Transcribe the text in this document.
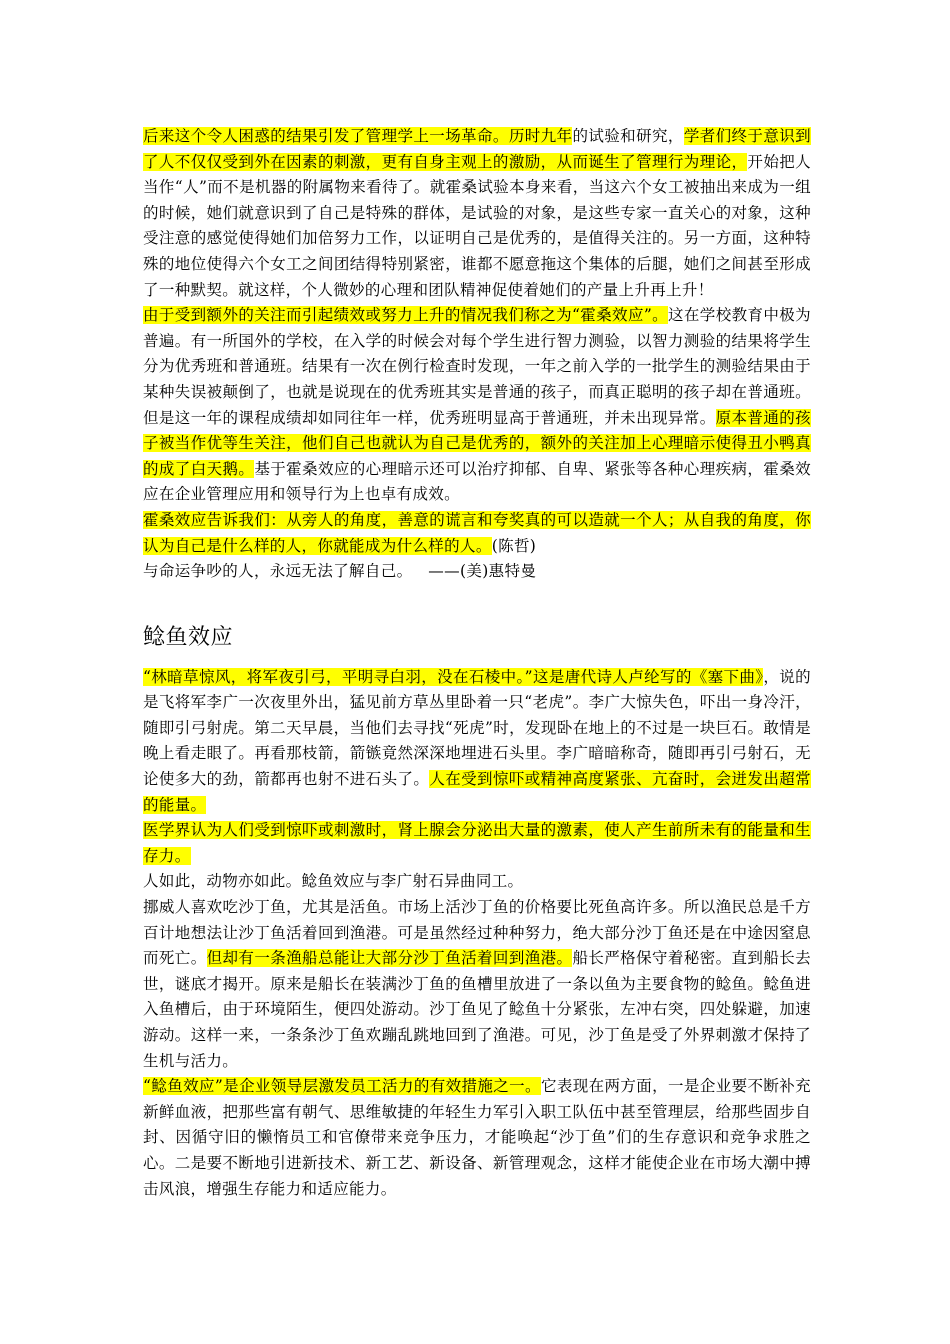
后来这个令人困惑的结果引发了管理学上一场革命。历时九年的试验和研究，学者们终于意识到了人不仅仅受到外在因素的刺激，更有自身主观上的激励，从而诞生了管理行为理论，开始把人当作“人”而不是机器的附属物来看待了。就霍桑试验本身来看，当这六个女工被抽出来成为一组的时候，她们就意识到了自己是特殊的群体，是试验的对象，是这些专家一直关心的对象，这种受注意的感觉使得她们加倍努力工作，以证明自己是优秀的，是值得关注的。另一方面，这种特殊的地位使得六个女工之间团结得特别紧密，谁都不愿意拖这个集体的后腿，她们之间甚至形成了一种默契。就这样，个人微妙的心理和团队精神促使着她们的产量上升再上升！

由于受到额外的关注而引起绩效或努力上升的情况我们称之为“霍桑效应”。这在学校教育中极为普遍。有一所国外的学校，在入学的时候会对每个学生进行智力测验，以智力测验的结果将学生分为优秀班和普通班。结果有一次在例行检查时发现，一年之前入学的一批学生的测验结果由于某种失误被颠倒了，也就是说现在的优秀班其实是普通的孩子，而真正聪明的孩子却在普通班。但是这一年的课程成绩却如同往年一样，优秀班明显高于普通班，并未出现异常。原本普通的孩子被当作优等生关注，他们自己也就认为自己是优秀的，额外的关注加上心理暗示使得丑小鸭真的成了白天鹅。基于霍桑效应的心理暗示还可以治疗抑郁、自卑、紧张等各种心理疾病，霍桑效应在企业管理应用和领导行为上也卓有成效。

霍桑效应告诉我们：从旁人的角度，善意的谎言和夸奖真的可以造就一个人；从自我的角度，你认为自己是什么样的人，你就能成为什么样的人。(陈哲)

与命运争吵的人，永远无法了解自己。   ——(美)惠特曼

鲶鱼效应

“林暗草惊风，将军夜引弓，平明寻白羽，没在石棱中。”这是唐代诗人卢纶写的《塞下曲》，说的是飞将军李广一次夜里外出，猛见前方草丛里卧着一只“老虎”。李广大惊失色，吓出一身冷汗，随即引弓射虎。第二天早晨，当他们去寻找“死虎”时，发现卧在地上的不过是一块巨石。敢情是晚上看走眼了。再看那枝箭，箭镞竟然深深地埋进石头里。李广暗暗称奇，随即再引弓射石，无论使多大的劲，箭都再也射不进石头了。人在受到惊吓或精神高度紧张、亢奋时，会迸发出超常的能量。

医学界认为人们受到惊吓或刺激时，肾上腺会分泌出大量的激素，使人产生前所未有的能量和生存力。

人如此，动物亦如此。鲶鱼效应与李广射石异曲同工。

挪威人喜欢吃沙丁鱼，尤其是活鱼。市场上活沙丁鱼的价格要比死鱼高许多。所以渔民总是千方百计地想法让沙丁鱼活着回到渔港。可是虽然经过种种努力，绝大部分沙丁鱼还是在中途因窒息而死亡。但却有一条渔船总能让大部分沙丁鱼活着回到渔港。船长严格保守着秘密。直到船长去世，谜底才揭开。原来是船长在装满沙丁鱼的鱼槽里放进了一条以鱼为主要食物的鲶鱼。鲶鱼进入鱼槽后，由于环境陌生，便四处游动。沙丁鱼见了鲶鱼十分紧张，左冲右突，四处躲避，加速游动。这样一来，一条条沙丁鱼欢蹦乱跳地回到了渔港。可见，沙丁鱼是受了外界刺激才保持了生机与活力。

“鲶鱼效应”是企业领导层激发员工活力的有效措施之一。它表现在两方面，一是企业要不断补充新鲜血液，把那些富有朝气、思维敏捷的年轻生力军引入职工队伍中甚至管理层，给那些固步自封、因循守旧的懒惰员工和官僚带来竞争压力，才能唤起“沙丁鱼”们的生存意识和竞争求胜之心。二是要不断地引进新技术、新工艺、新设备、新管理观念，这样才能使企业在市场大潮中搏击风浪，增强生存能力和适应能力。
